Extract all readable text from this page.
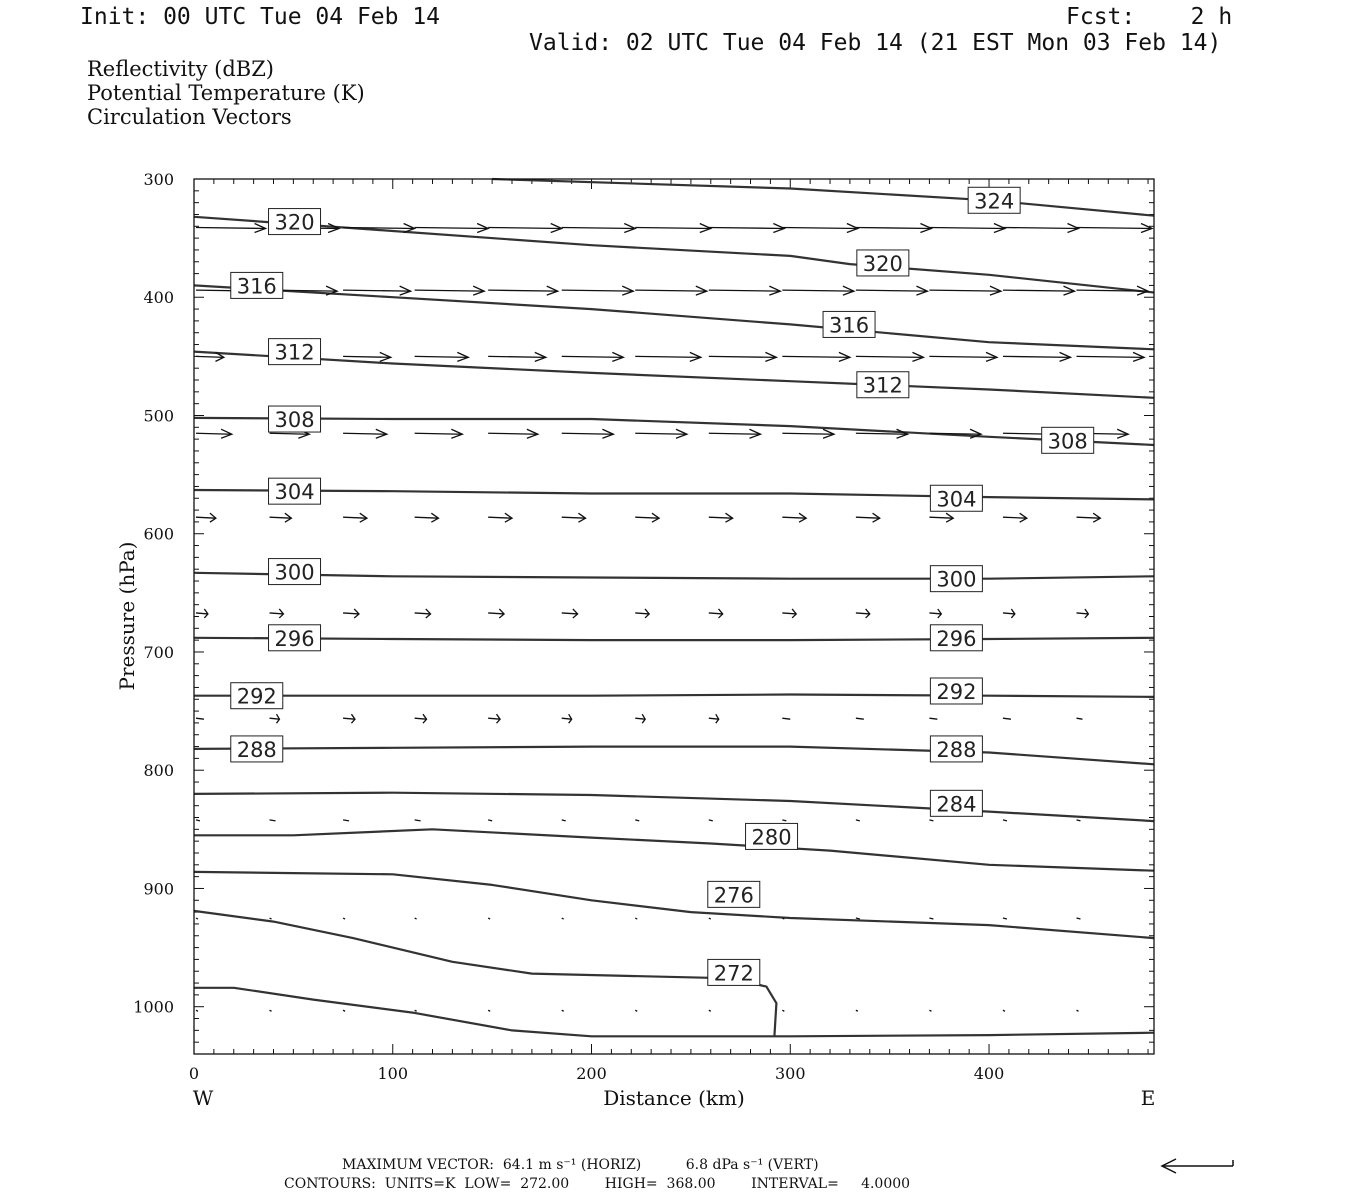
Init: 00 UTC Tue 04 Feb 14	Fcst:    2 h
Valid: 02 UTC Tue 04 Feb 14 (21 EST Mon 03 Feb 14)
Reflectivity (dBZ)
Potential Temperature (K)
Circulation Vectors
0	100	200	300	400
300
400
500
600
700
800
900
1000
324
320
320
316
316
312
312
308
308
304	304
300	300
296	296
292	292
288	288
284
280
276
272
Distance (km)
Pressure (hPa)
W	E
MAXIMUM VECTOR:  64.1 m s⁻¹ (HORIZ)          6.8 dPa s⁻¹ (VERT)
CONTOURS:  UNITS=K  LOW=  272.00        HIGH=  368.00        INTERVAL=     4.0000
